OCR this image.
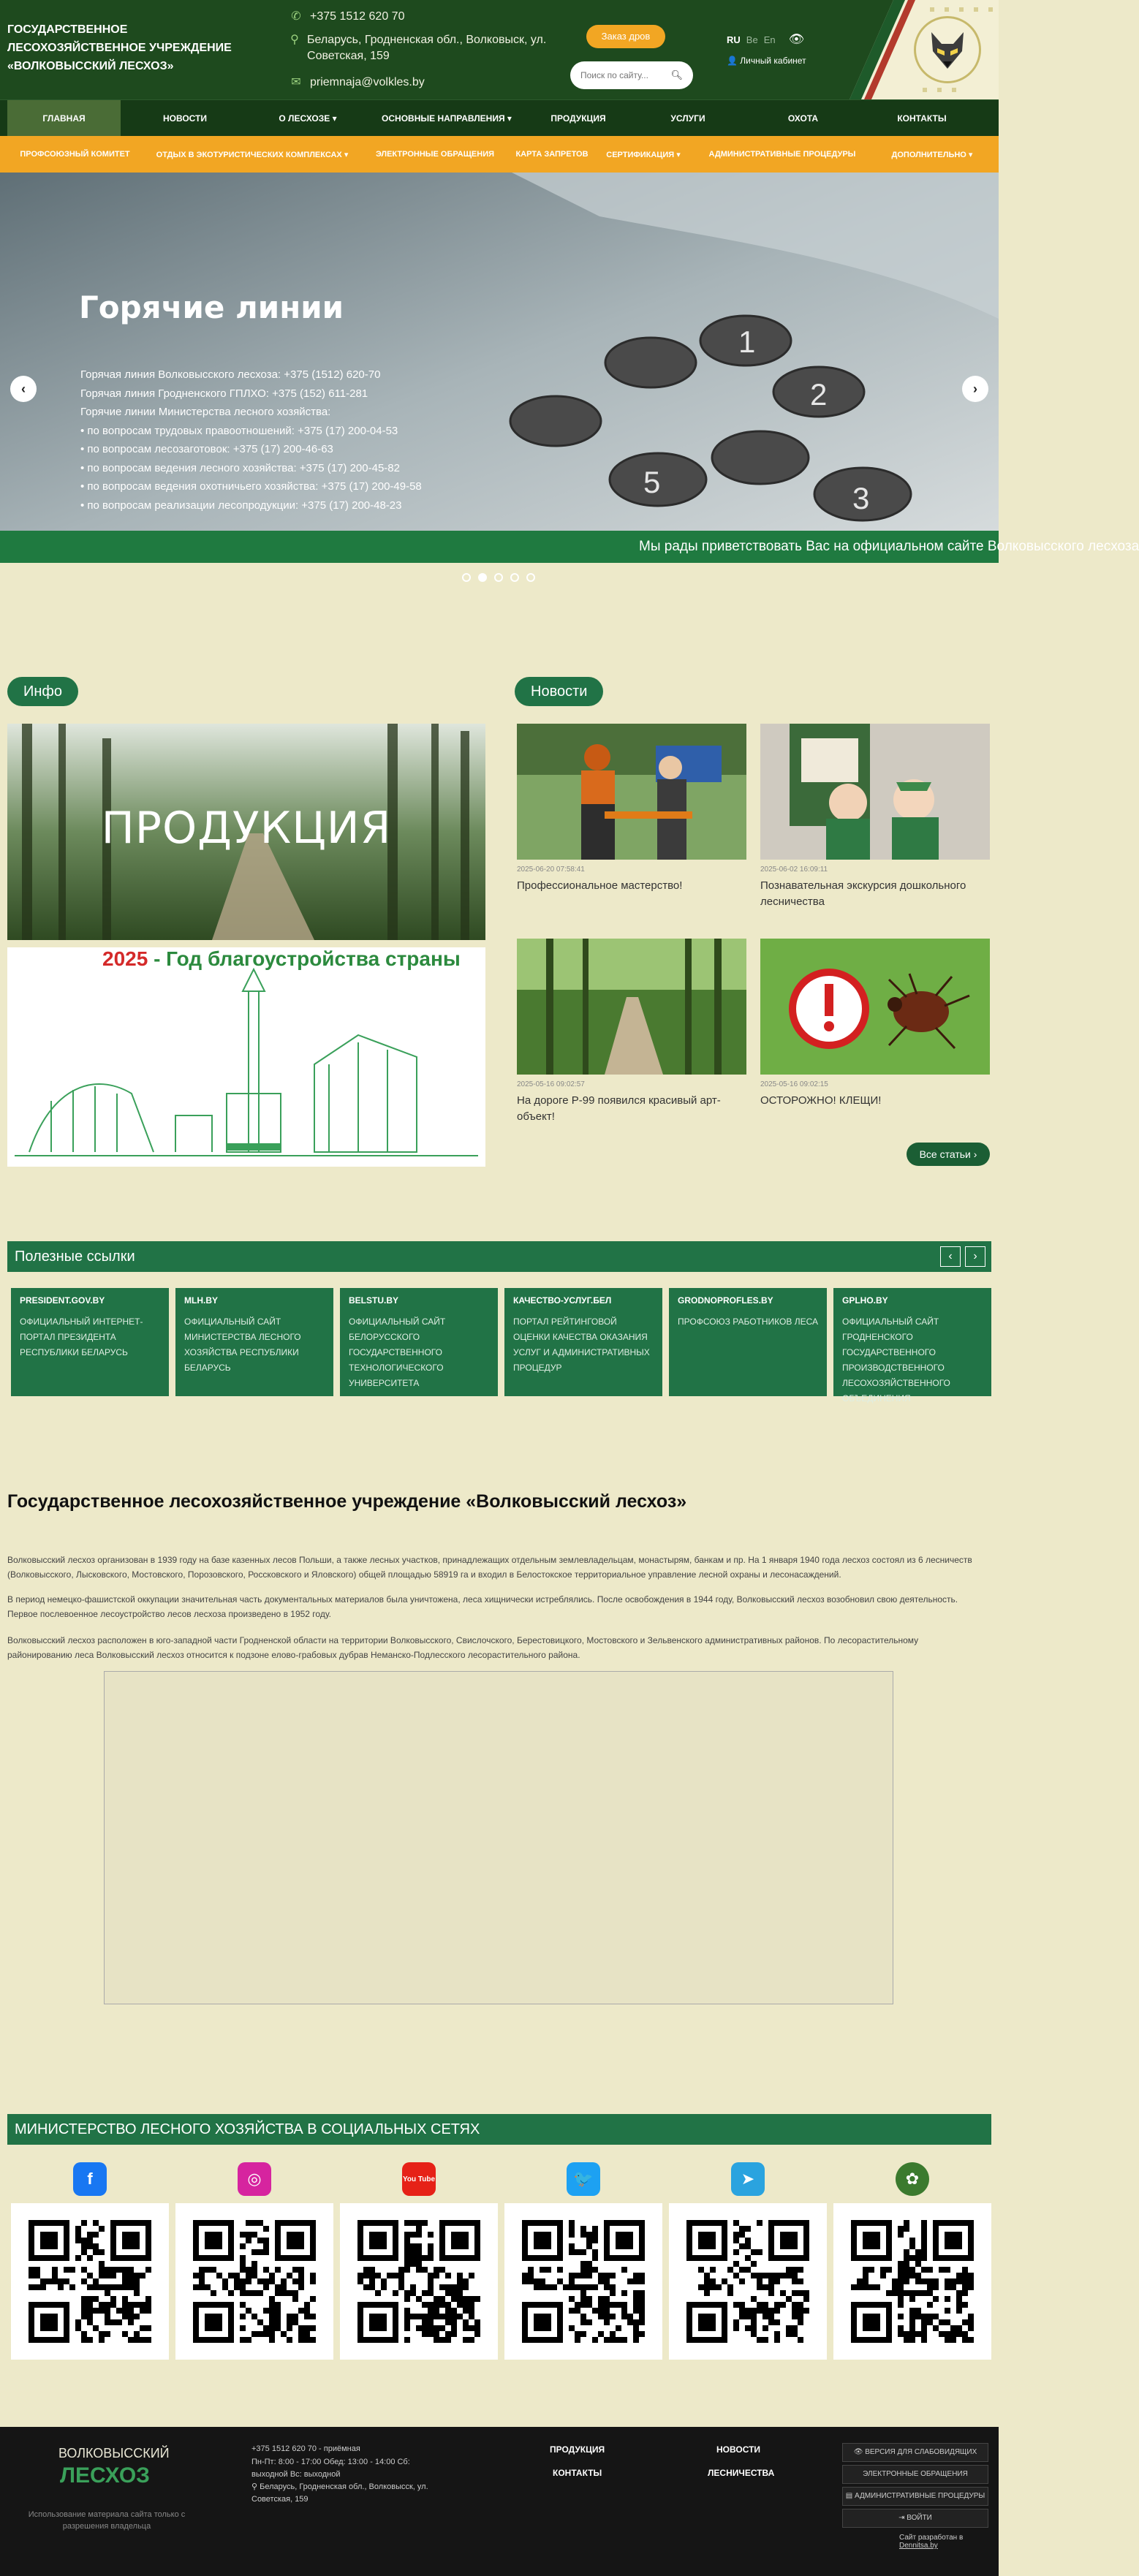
ГОСУДАРСТВЕННОЕ ЛЕСОХОЗЯЙСТВЕННОЕ УЧРЕЖДЕНИЕ «ВОЛКОВЫССКИЙ ЛЕСХОЗ»
✆ +375 1512 620 70
⚲ Беларусь, Гродненская обл., Волковыск, ул. Советская, 159
✉ priemnaja@volkles.by
Заказ дров
Поиск по сайту...
🔍︎
RU Be En 👁
👤 Личный кабинет
ГЛАВНАЯ	НОВОСТИ	О ЛЕСХОЗЕ ▾	ОСНОВНЫЕ НАПРАВЛЕНИЯ ▾	ПРОДУКЦИЯ	УСЛУГИ	ОХОТА	КОНТАКТЫ
ПРОФСОЮЗНЫЙ КОМИТЕТ	ОТДЫХ В ЭКОТУРИСТИЧЕСКИХ КОМПЛЕКСАХ ▾	ЭЛЕКТРОННЫЕ ОБРАЩЕНИЯ	КАРТА ЗАПРЕТОВ	СЕРТИФИКАЦИЯ ▾	АДМИНИСТРАТИВНЫЕ ПРОЦЕДУРЫ	ДОПОЛНИТЕЛЬНО ▾
1
2
3
5
Горячие линии
Горячая линия Волковысского лесхоза: +375 (1512) 620-70
Горячая линия Гродненского ГПЛХО: +375 (152) 611-281
Горячие линии Министерства лесного хозяйства:
• по вопросам трудовых правоотношений: +375 (17) 200-04-53
• по вопросам лесозаготовок: +375 (17) 200-46-63
• по вопросам ведения лесного хозяйства: +375 (17) 200-45-82
• по вопросам ведения охотничьего хозяйства: +375 (17) 200-49-58
• по вопросам реализации лесопродукции: +375 (17) 200-48-23
‹	›
Мы рады приветствовать Вас на официальном сайте Волковысского лесхоза
Инфо
ПРОДУКЦИЯ
2025 - Год благоустройства страны
Новости
2025-06-20 07:58:41
Профессиональное мастерство!
2025-06-02 16:09:11
Познавательная экскурсия дошкольного лесничества
2025-05-16 09:02:57
На дороге Р-99 появился красивый арт-объект!
2025-05-16 09:02:15
ОСТОРОЖНО! КЛЕЩИ!
Все статьи ›
Полезные ссылки	‹	›
PRESIDENT.GOV.BY
ОФИЦИАЛЬНЫЙ ИНТЕРНЕТ-ПОРТАЛ ПРЕЗИДЕНТА РЕСПУБЛИКИ БЕЛАРУСЬ
MLH.BY
ОФИЦИАЛЬНЫЙ САЙТ МИНИСТЕРСТВА ЛЕСНОГО ХОЗЯЙСТВА РЕСПУБЛИКИ БЕЛАРУСЬ
BELSTU.BY
ОФИЦИАЛЬНЫЙ САЙТ БЕЛОРУССКОГО ГОСУДАРСТВЕННОГО ТЕХНОЛОГИЧЕСКОГО УНИВЕРСИТЕТА
КАЧЕСТВО-УСЛУГ.БЕЛ
ПОРТАЛ РЕЙТИНГОВОЙ ОЦЕНКИ КАЧЕСТВА ОКАЗАНИЯ УСЛУГ И АДМИНИСТРАТИВНЫХ ПРОЦЕДУР
GRODNOPROFLES.BY
ПРОФСОЮЗ РАБОТНИКОВ ЛЕСА
GPLHO.BY
ОФИЦИАЛЬНЫЙ САЙТ ГРОДНЕНСКОГО ГОСУДАРСТВЕННОГО ПРОИЗВОДСТВЕННОГО ЛЕСОХОЗЯЙСТВЕННОГО ОБЪЕДИНЕНИЯ
Государственное лесохозяйственное учреждение «Волковысский лесхоз»

Волковысский лесхоз организован в 1939 году на базе казенных лесов Польши, а также лесных участков, принадлежащих отдельным землевладельцам, монастырям, банкам и пр. На 1 января 1940 года лесхоз состоял из 6 лесничеств (Волковысского, Лысковского, Мостовского, Порозовского, Россковского и Яловского) общей площадью 58919 га и входил в Белостокское территориальное управление лесной охраны и лесонасаждений.

В период немецко-фашистской оккупации значительная часть документальных материалов была уничтожена, леса хищнически истреблялись. После освобождения в 1944 году, Волковысский лесхоз возобновил свою деятельность. Первое послевоенное лесоустройство лесов лесхоза произведено в 1952 году.

Волковысский лесхоз расположен в юго-западной части Гродненской области на территории Волковысского, Свислочского, Берестовицкого, Мостовского и Зельвенского административных районов. По лесорастительному районированию леса Волковысский лесхоз относится к подзоне елово-грабовых дубрав Неманско-Подлесского лесорастительного района.

МИНИСТЕРСТВО ЛЕСНОГО ХОЗЯЙСТВА В СОЦИАЛЬНЫХ СЕТЯХ
f	◎	You Tube	🐦	➤	✿
ВОЛКОВЫССКИЙ
ЛЕСХОЗ
Использование материала сайта только с разрешения владельца
+375 1512 620 70 - приёмная
Пн-Пт: 8:00 - 17:00 Обед: 13:00 - 14:00 Сб: выходной Вс: выходной
⚲ Беларусь, Гродненская обл., Волковысск, ул. Советская, 159
ПРОДУКЦИЯ	НОВОСТИ
КОНТАКТЫ	ЛЕСНИЧЕСТВА
👁 ВЕРСИЯ ДЛЯ СЛАБОВИДЯЩИХ
ЭЛЕКТРОННЫЕ ОБРАЩЕНИЯ
▤ АДМИНИСТРАТИВНЫЕ ПРОЦЕДУРЫ
⇥ ВОЙТИ
Сайт разработан в Dennitsa.by
